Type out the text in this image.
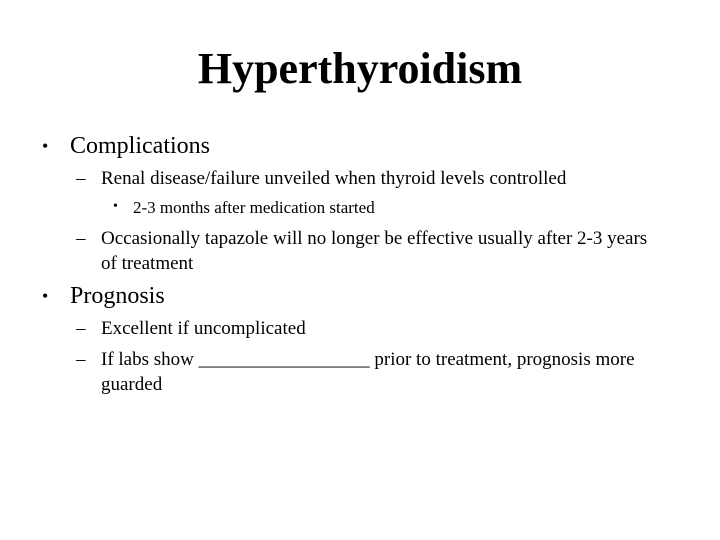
Hyperthyroidism
• Complications
– Renal disease/failure unveiled when thyroid levels controlled
• 2-3 months after medication started
– Occasionally tapazole will no longer be effective usually after 2-3 years of treatment
• Prognosis
– Excellent if uncomplicated
– If labs show __________________ prior to treatment, prognosis more guarded
